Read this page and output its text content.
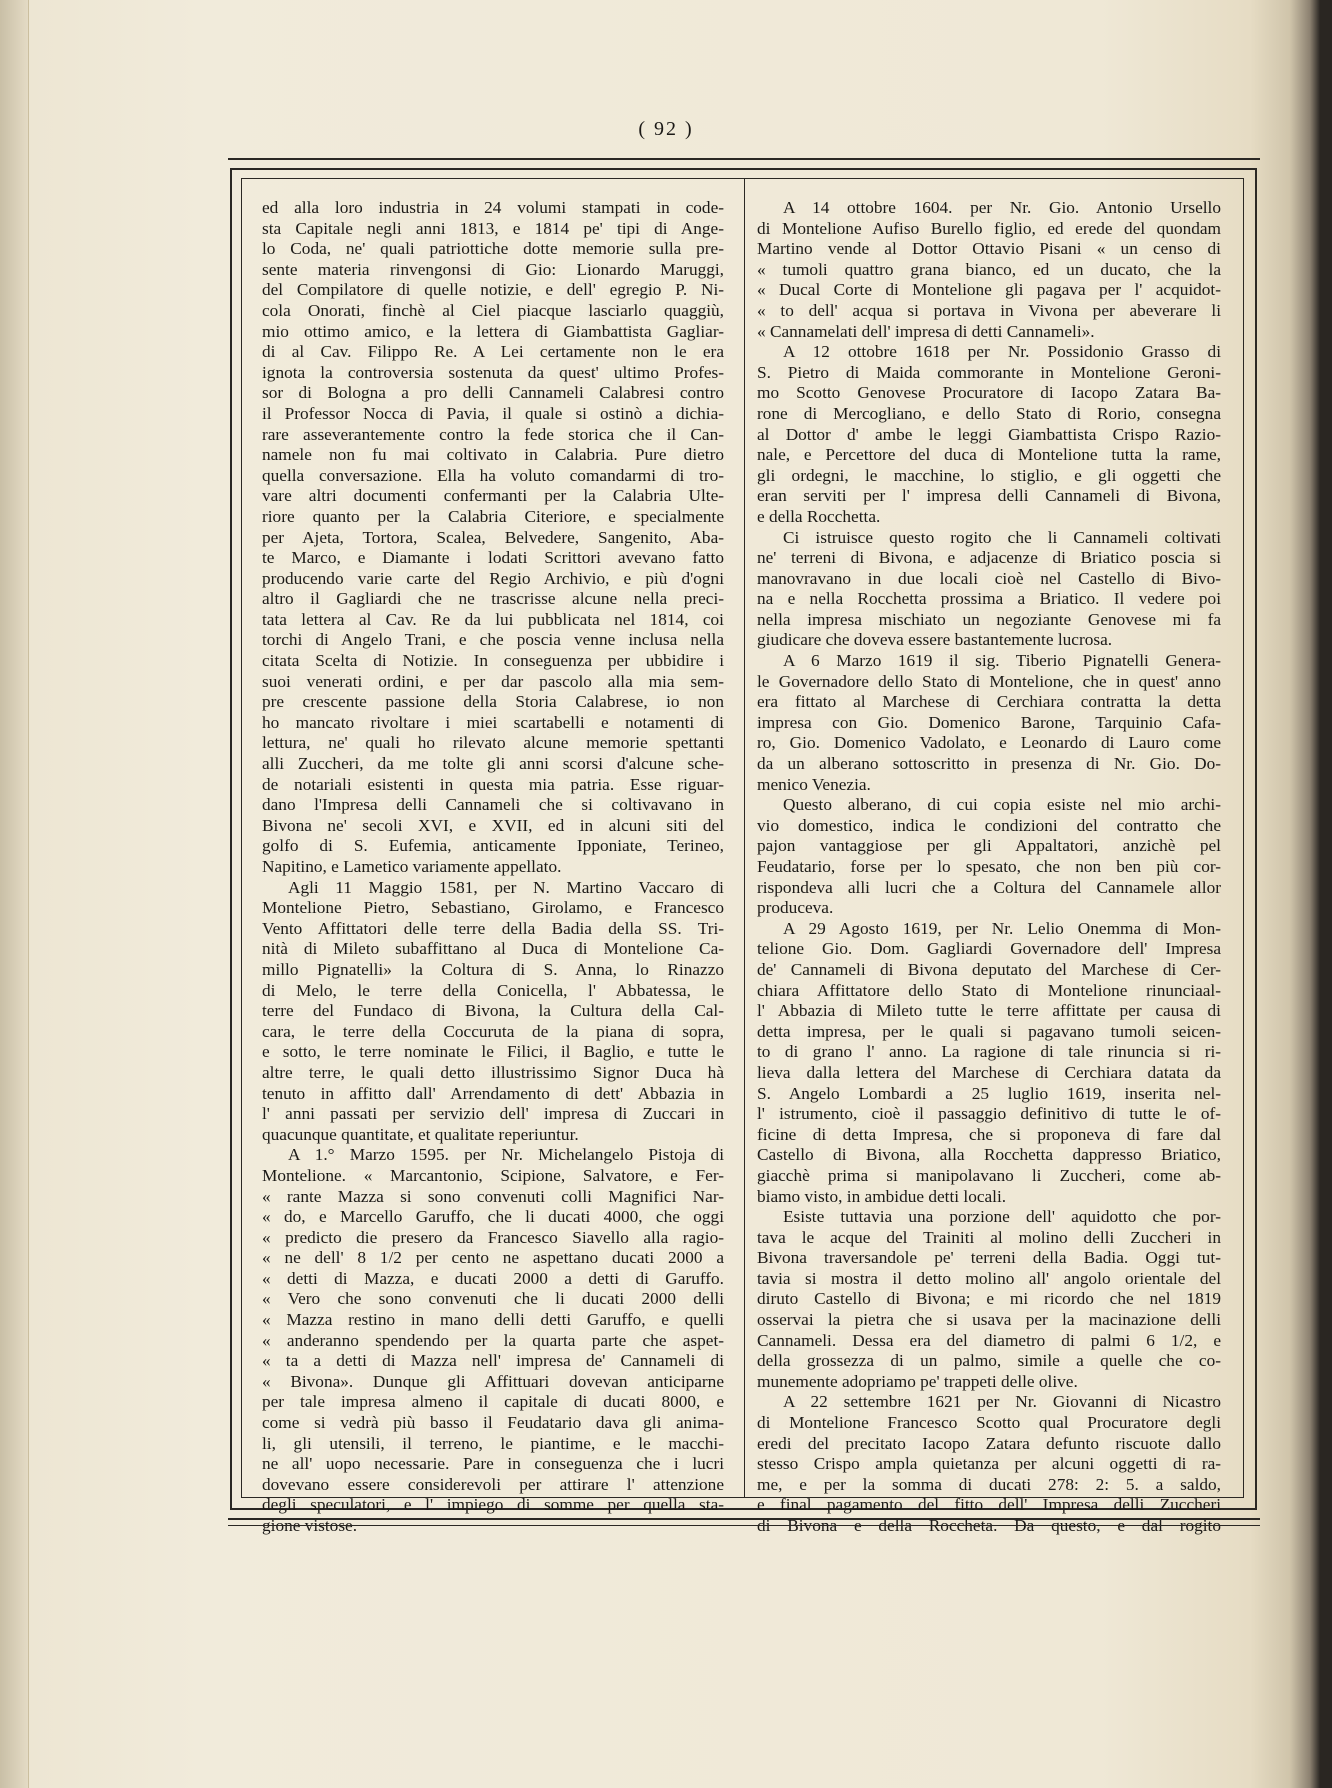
( 92 )
ed alla loro industria in 24 volumi stampati in code-
sta Capitale negli anni 1813, e 1814 pe' tipi di Ange-
lo Coda, ne' quali patriottiche dotte memorie sulla pre-
sente materia rinvengonsi di Gio: Lionardo Maruggi,
del Compilatore di quelle notizie, e dell' egregio P. Ni-
cola Onorati, finchè al Ciel piacque lasciarlo quaggiù,
mio ottimo amico, e la lettera di Giambattista Gagliar-
di al Cav. Filippo Re. A Lei certamente non le era
ignota la controversia sostenuta da quest' ultimo Profes-
sor di Bologna a pro delli Cannameli Calabresi contro
il Professor Nocca di Pavia, il quale si ostinò a dichia-
rare asseverantemente contro la fede storica che il Can-
namele non fu mai coltivato in Calabria. Pure dietro
quella conversazione. Ella ha voluto comandarmi di tro-
vare altri documenti confermanti per la Calabria Ulte-
riore quanto per la Calabria Citeriore, e specialmente
per Ajeta, Tortora, Scalea, Belvedere, Sangenito, Aba-
te Marco, e Diamante i lodati Scrittori avevano fatto
producendo varie carte del Regio Archivio, e più d'ogni
altro il Gagliardi che ne trascrisse alcune nella preci-
tata lettera al Cav. Re da lui pubblicata nel 1814, coi
torchi di Angelo Trani, e che poscia venne inclusa nella
citata Scelta di Notizie. In conseguenza per ubbidire i
suoi venerati ordini, e per dar pascolo alla mia sem-
pre crescente passione della Storia Calabrese, io non
ho mancato rivoltare i miei scartabelli e notamenti di
lettura, ne' quali ho rilevato alcune memorie spettanti
alli Zuccheri, da me tolte gli anni scorsi d'alcune sche-
de notariali esistenti in questa mia patria. Esse riguar-
dano l'Impresa delli Cannameli che si coltivavano in
Bivona ne' secoli XVI, e XVII, ed in alcuni siti del
golfo di S. Eufemia, anticamente Ipponiate, Terineo,
Napitino, e Lametico variamente appellato.
Agli 11 Maggio 1581, per N. Martino Vaccaro di
Montelione Pietro, Sebastiano, Girolamo, e Francesco
Vento Affittatori delle terre della Badia della SS. Tri-
nità di Mileto subaffittano al Duca di Montelione Ca-
millo Pignatelli» la Coltura di S. Anna, lo Rinazzo
di Melo, le terre della Conicella, l' Abbatessa, le
terre del Fundaco di Bivona, la Cultura della Cal-
cara, le terre della Coccuruta de la piana di sopra,
e sotto, le terre nominate le Filici, il Baglio, e tutte le
altre terre, le quali detto illustrissimo Signor Duca hà
tenuto in affitto dall' Arrendamento di dett' Abbazia in
l' anni passati per servizio dell' impresa di Zuccari in
quacunque quantitate, et qualitate reperiuntur.
A 1.° Marzo 1595. per Nr. Michelangelo Pistoja di
Montelione. « Marcantonio, Scipione, Salvatore, e Fer-
« rante Mazza si sono convenuti colli Magnifici Nar-
« do, e Marcello Garuffo, che li ducati 4000, che oggi
« predicto die presero da Francesco Siavello alla ragio-
« ne dell' 8 1/2 per cento ne aspettano ducati 2000 a
« detti di Mazza, e ducati 2000 a detti di Garuffo.
« Vero che sono convenuti che li ducati 2000 delli
« Mazza restino in mano delli detti Garuffo, e quelli
« anderanno spendendo per la quarta parte che aspet-
« ta a detti di Mazza nell' impresa de' Cannameli di
« Bivona». Dunque gli Affittuari dovevan anticiparne
per tale impresa almeno il capitale di ducati 8000, e
come si vedrà più basso il Feudatario dava gli anima-
li, gli utensili, il terreno, le piantime, e le macchi-
ne all' uopo necessarie. Pare in conseguenza che i lucri
dovevano essere considerevoli per attirare l' attenzione
degli speculatori, e l' impiego di somme per quella sta-
gione vistose.
A 14 ottobre 1604. per Nr. Gio. Antonio Ursello
di Montelione Aufiso Burello figlio, ed erede del quondam
Martino vende al Dottor Ottavio Pisani « un censo di
« tumoli quattro grana bianco, ed un ducato, che la
« Ducal Corte di Montelione gli pagava per l' acquidot-
« to dell' acqua si portava in Vivona per abeverare li
« Cannamelati dell' impresa di detti Cannameli».
A 12 ottobre 1618 per Nr. Possidonio Grasso di
S. Pietro di Maida commorante in Montelione Geroni-
mo Scotto Genovese Procuratore di Iacopo Zatara Ba-
rone di Mercogliano, e dello Stato di Rorio, consegna
al Dottor d' ambe le leggi Giambattista Crispo Razio-
nale, e Percettore del duca di Montelione tutta la rame,
gli ordegni, le macchine, lo stiglio, e gli oggetti che
eran serviti per l' impresa delli Cannameli di Bivona,
e della Rocchetta.
Ci istruisce questo rogito che li Cannameli coltivati
ne' terreni di Bivona, e adjacenze di Briatico poscia si
manovravano in due locali cioè nel Castello di Bivo-
na e nella Rocchetta prossima a Briatico. Il vedere poi
nella impresa mischiato un negoziante Genovese mi fa
giudicare che doveva essere bastantemente lucrosa.
A 6 Marzo 1619 il sig. Tiberio Pignatelli Genera-
le Governadore dello Stato di Montelione, che in quest' anno
era fittato al Marchese di Cerchiara contratta la detta
impresa con Gio. Domenico Barone, Tarquinio Cafa-
ro, Gio. Domenico Vadolato, e Leonardo di Lauro come
da un alberano sottoscritto in presenza di Nr. Gio. Do-
menico Venezia.
Questo alberano, di cui copia esiste nel mio archi-
vio domestico, indica le condizioni del contratto che
pajon vantaggiose per gli Appaltatori, anzichè pel
Feudatario, forse per lo spesato, che non ben più cor-
rispondeva alli lucri che a Coltura del Cannamele allor
produceva.
A 29 Agosto 1619, per Nr. Lelio Onemma di Mon-
telione Gio. Dom. Gagliardi Governadore dell' Impresa
de' Cannameli di Bivona deputato del Marchese di Cer-
chiara Affittatore dello Stato di Montelione rinunciaal-
l' Abbazia di Mileto tutte le terre affittate per causa di
detta impresa, per le quali si pagavano tumoli seicen-
to di grano l' anno. La ragione di tale rinuncia si ri-
lieva dalla lettera del Marchese di Cerchiara datata da
S. Angelo Lombardi a 25 luglio 1619, inserita nel-
l' istrumento, cioè il passaggio definitivo di tutte le of-
ficine di detta Impresa, che si proponeva di fare dal
Castello di Bivona, alla Rocchetta dappresso Briatico,
giacchè prima si manipolavano li Zuccheri, come ab-
biamo visto, in ambidue detti locali.
Esiste tuttavia una porzione dell' aquidotto che por-
tava le acque del Trainiti al molino delli Zuccheri in
Bivona traversandole pe' terreni della Badia. Oggi tut-
tavia si mostra il detto molino all' angolo orientale del
diruto Castello di Bivona; e mi ricordo che nel 1819
osservai la pietra che si usava per la macinazione delli
Cannameli. Dessa era del diametro di palmi 6 1/2, e
della grossezza di un palmo, simile a quelle che co-
munemente adopriamo pe' trappeti delle olive.
A 22 settembre 1621 per Nr. Giovanni di Nicastro
di Montelione Francesco Scotto qual Procuratore degli
eredi del precitato Iacopo Zatara defunto riscuote dallo
stesso Crispo ampla quietanza per alcuni oggetti di ra-
me, e per la somma di ducati 278: 2: 5. a saldo,
e final pagamento del fitto dell' Impresa delli Zuccheri
di Bivona e della Roccheta. Da questo, e dal rogito
